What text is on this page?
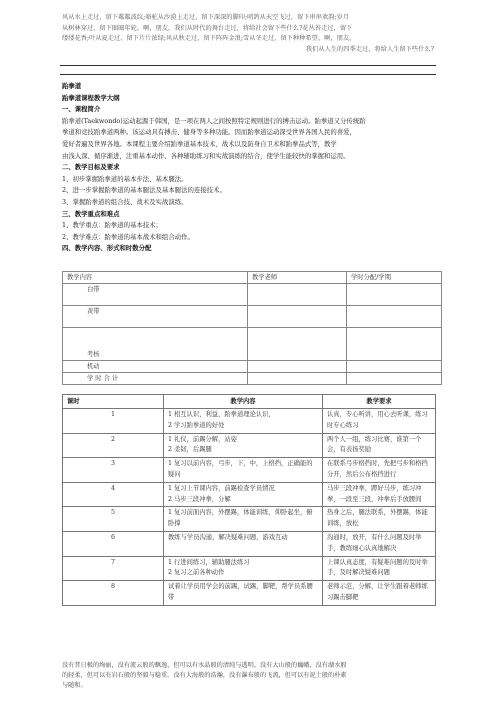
风从水上走过，留下粼粼波纹;骆驼从沙漠上走过，留下深深的脚印;哨鸽从天空飞过，留下串串欢韵;岁月

从树林穿过，留下圈圈年轮。啊，朋友，我们从时代的舞台走过，将给社会留下些什么?花丛苔走过，留下

缕缕花香;叶从夏走过，留下片片浓绿;风从秋走过，留下阵阵金浪;雪从冬走过，留下种种希望。啊，朋友，

我们从人生的四季走过，将给人生留下些什么?

跆拳道

跆拳道课程教学大纲

一、课程简介

跆拳道(Taekwondo)运动起源于韩国，是一项在两人之间按照特定规则进行的搏击运动。跆拳道又分传统跆

拳道和竞技跆拳道两种。该运动具有搏击、健身等多种功能。因而跆拳道运动深受世界各国人民的喜爱，

爱好者遍及世界各地。本课程主要介绍跆拳道基本技术、战术以及防身自卫术和跆拳品式等，教学

由浅入深、循序渐进，注重基本动作、各种辅助练习和实战演练的结合，使学生能较快的掌握和运用。

二、教学目标及要求

1、初步掌握跆拳道的基本步法、基本腿法。

2、进一步掌握跆拳道的基本腿法及基本腿法的连接技术。

3、掌握跆拳道的组合技、战术及实战演练。

三、教学重点和难点

1、教学重点：跆拳道的基本技术；

2、教学难点：跆拳道的基本战术和组合动作。

四、教学内容、形式和时数分配

教学内容	教学老师	学时分配/学期
白带		
黄带		
考核		
机动		
学 时 合 计		
课时	教学内容	教学要求
1	1 相互认识，利益，跆拳道理论认识，
2 学习跆拳道的好处	认真，专心听讲，用心去听课，练习时专心练习
2	1 礼仪，前踢分解，站姿
2 柔韧，后踢腿	两个人一组，练习比赛，谁第一个会，有表扬奖励
3	1 复习以前内容，弓步，下，中，上格挡，正确能的疑问	在联系弓步格挡时，先把弓步和格挡分开，然后公布格挡进行
4	1 复习上节课内容，前踢检查学员情况
2 马步三段冲拳，分解	马步三段冲拳，蹲好马步，练习冲拳，一段至三段，冲拳后手放腰间
5	1 复习前面内容，外摆踢，体能训练，仰卧起坐，俯卧撑	热身之后，腿法联系，外摆踢，体能训练，放松
6	教练与学员沟通，解决疑难问题，游戏互动	沟通时，放开，有什么问题及时举手，教练细心认真地解决
7	1 行进间练习，辅助腿法练习
2 复习之前各种动作	上课认真态度，有疑难问题的及时举手，及时解决疑难问题
8	试着让学员用学会的前踢，试踢，脚靶，帮学员系腰带	老师示范，分解，让学生跟着老师练习踢击脚靶
没有昔日极的绚丽，没有流云般的飘逸，但可以有水晶般的清纯与透明。没有大山般的巍峨，没有湖水般
的轻柔，但可以有岩石般的坚毅与稳重。没有大海般的浩瀚，没有瀑布般的飞流，但可以有泥土般的朴素
与随和。
